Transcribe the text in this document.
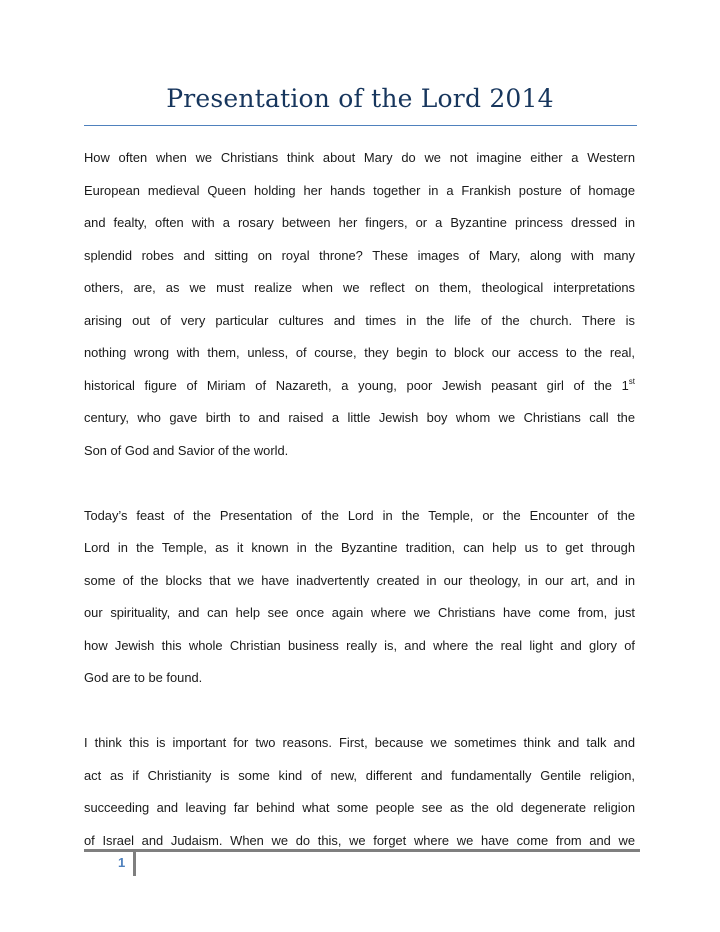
Presentation of the Lord 2014
How often when we Christians think about Mary do we not imagine either a Western
European medieval Queen holding her hands together in a Frankish posture of homage
and fealty, often with a rosary between her fingers, or a Byzantine princess dressed in
splendid robes and sitting on royal throne? These images of Mary, along with many
others, are, as we must realize when we reflect on them, theological interpretations
arising out of very particular cultures and times in the life of the church. There is
nothing wrong with them, unless, of course, they begin to block our access to the real,
historical figure of Miriam of Nazareth, a young, poor Jewish peasant girl of the 1st
century, who gave birth to and raised a little Jewish boy whom we Christians call the
Son of God and Savior of the world.
Today’s feast of the Presentation of the Lord in the Temple, or the Encounter of the
Lord in the Temple, as it known in the Byzantine tradition, can help us to get through
some of the blocks that we have inadvertently created in our theology, in our art, and in
our spirituality, and can help see once again where we Christians have come from, just
how Jewish this whole Christian business really is, and where the real light and glory of
God are to be found.
I think this is important for two reasons. First, because we sometimes think and talk and
act as if Christianity is some kind of new, different and fundamentally Gentile religion,
succeeding and leaving far behind what some people see as the old degenerate religion
of Israel and Judaism. When we do this, we forget where we have come from and we
1
